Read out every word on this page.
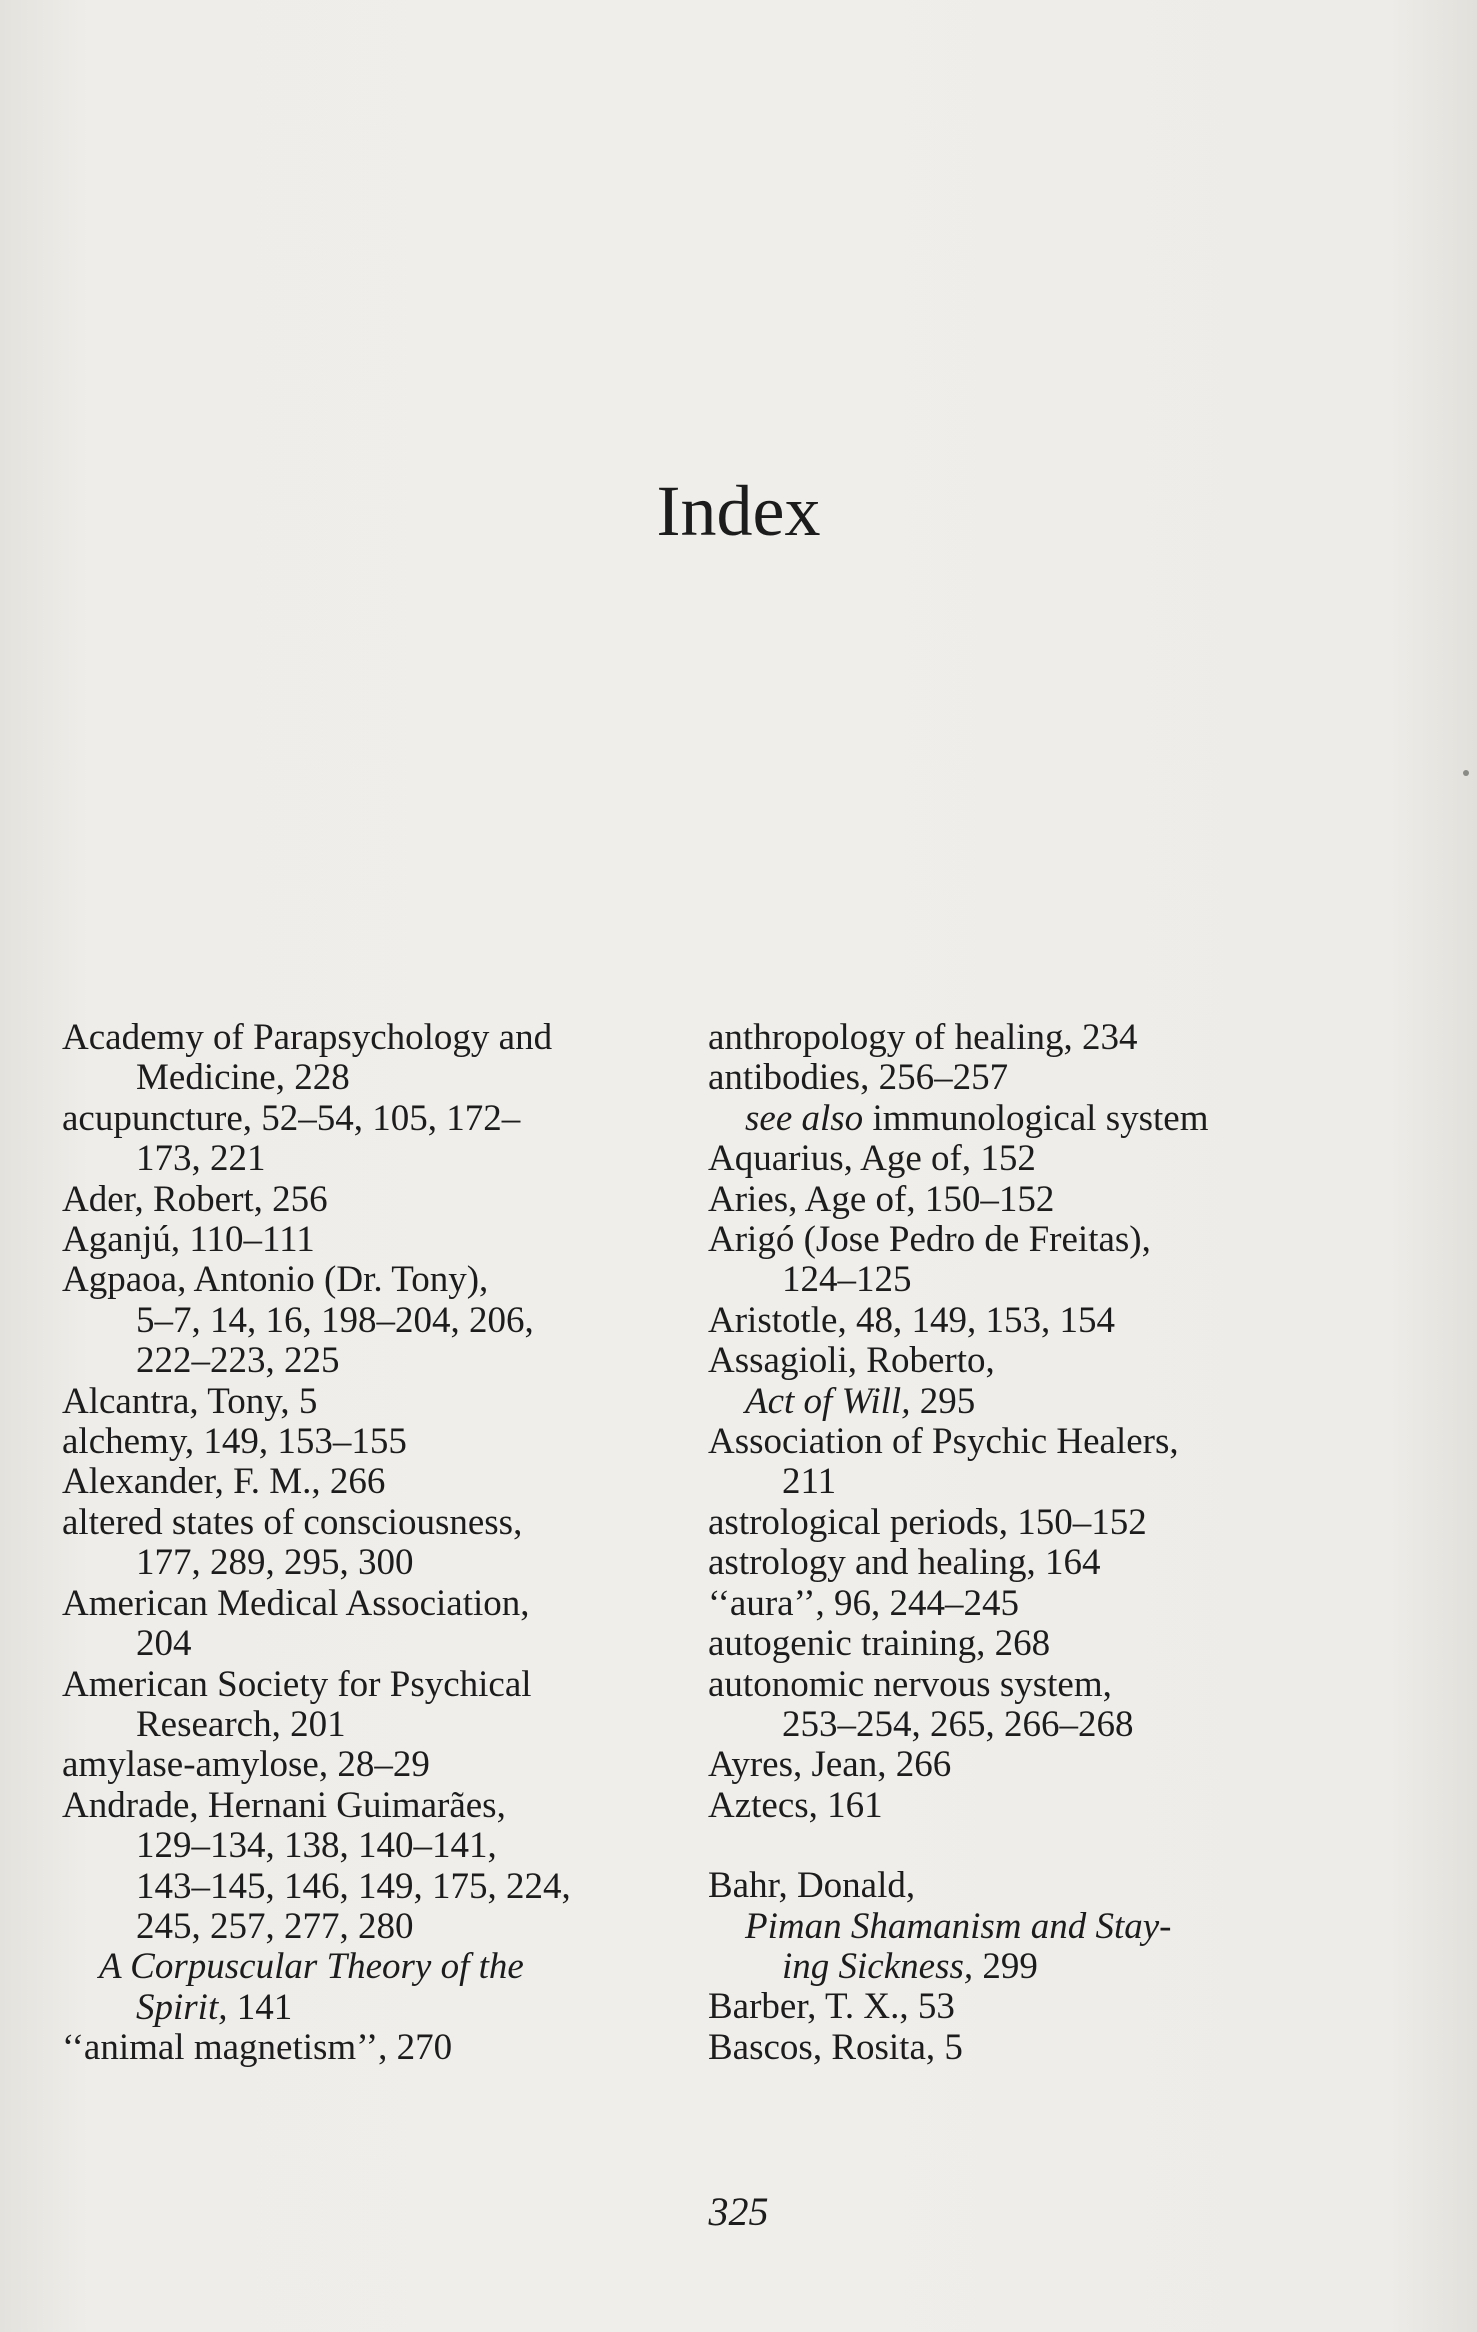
Index
Academy of Parapsychology and
Medicine, 228
acupuncture, 52–54, 105, 172–
173, 221
Ader, Robert, 256
Aganjú, 110–111
Agpaoa, Antonio (Dr. Tony),
5–7, 14, 16, 198–204, 206,
222–223, 225
Alcantra, Tony, 5
alchemy, 149, 153–155
Alexander, F. M., 266
altered states of consciousness,
177, 289, 295, 300
American Medical Association,
204
American Society for Psychical
Research, 201
amylase-amylose, 28–29
Andrade, Hernani Guimarães,
129–134, 138, 140–141,
143–145, 146, 149, 175, 224,
245, 257, 277, 280
A Corpuscular Theory of the
Spirit, 141
‘‘animal magnetism’’, 270
anthropology of healing, 234
antibodies, 256–257
see also immunological system
Aquarius, Age of, 152
Aries, Age of, 150–152
Arigó (Jose Pedro de Freitas),
124–125
Aristotle, 48, 149, 153, 154
Assagioli, Roberto,
Act of Will, 295
Association of Psychic Healers,
211
astrological periods, 150–152
astrology and healing, 164
‘‘aura’’, 96, 244–245
autogenic training, 268
autonomic nervous system,
253–254, 265, 266–268
Ayres, Jean, 266
Aztecs, 161
Bahr, Donald,
Piman Shamanism and Stay-
ing Sickness, 299
Barber, T. X., 53
Bascos, Rosita, 5
325
